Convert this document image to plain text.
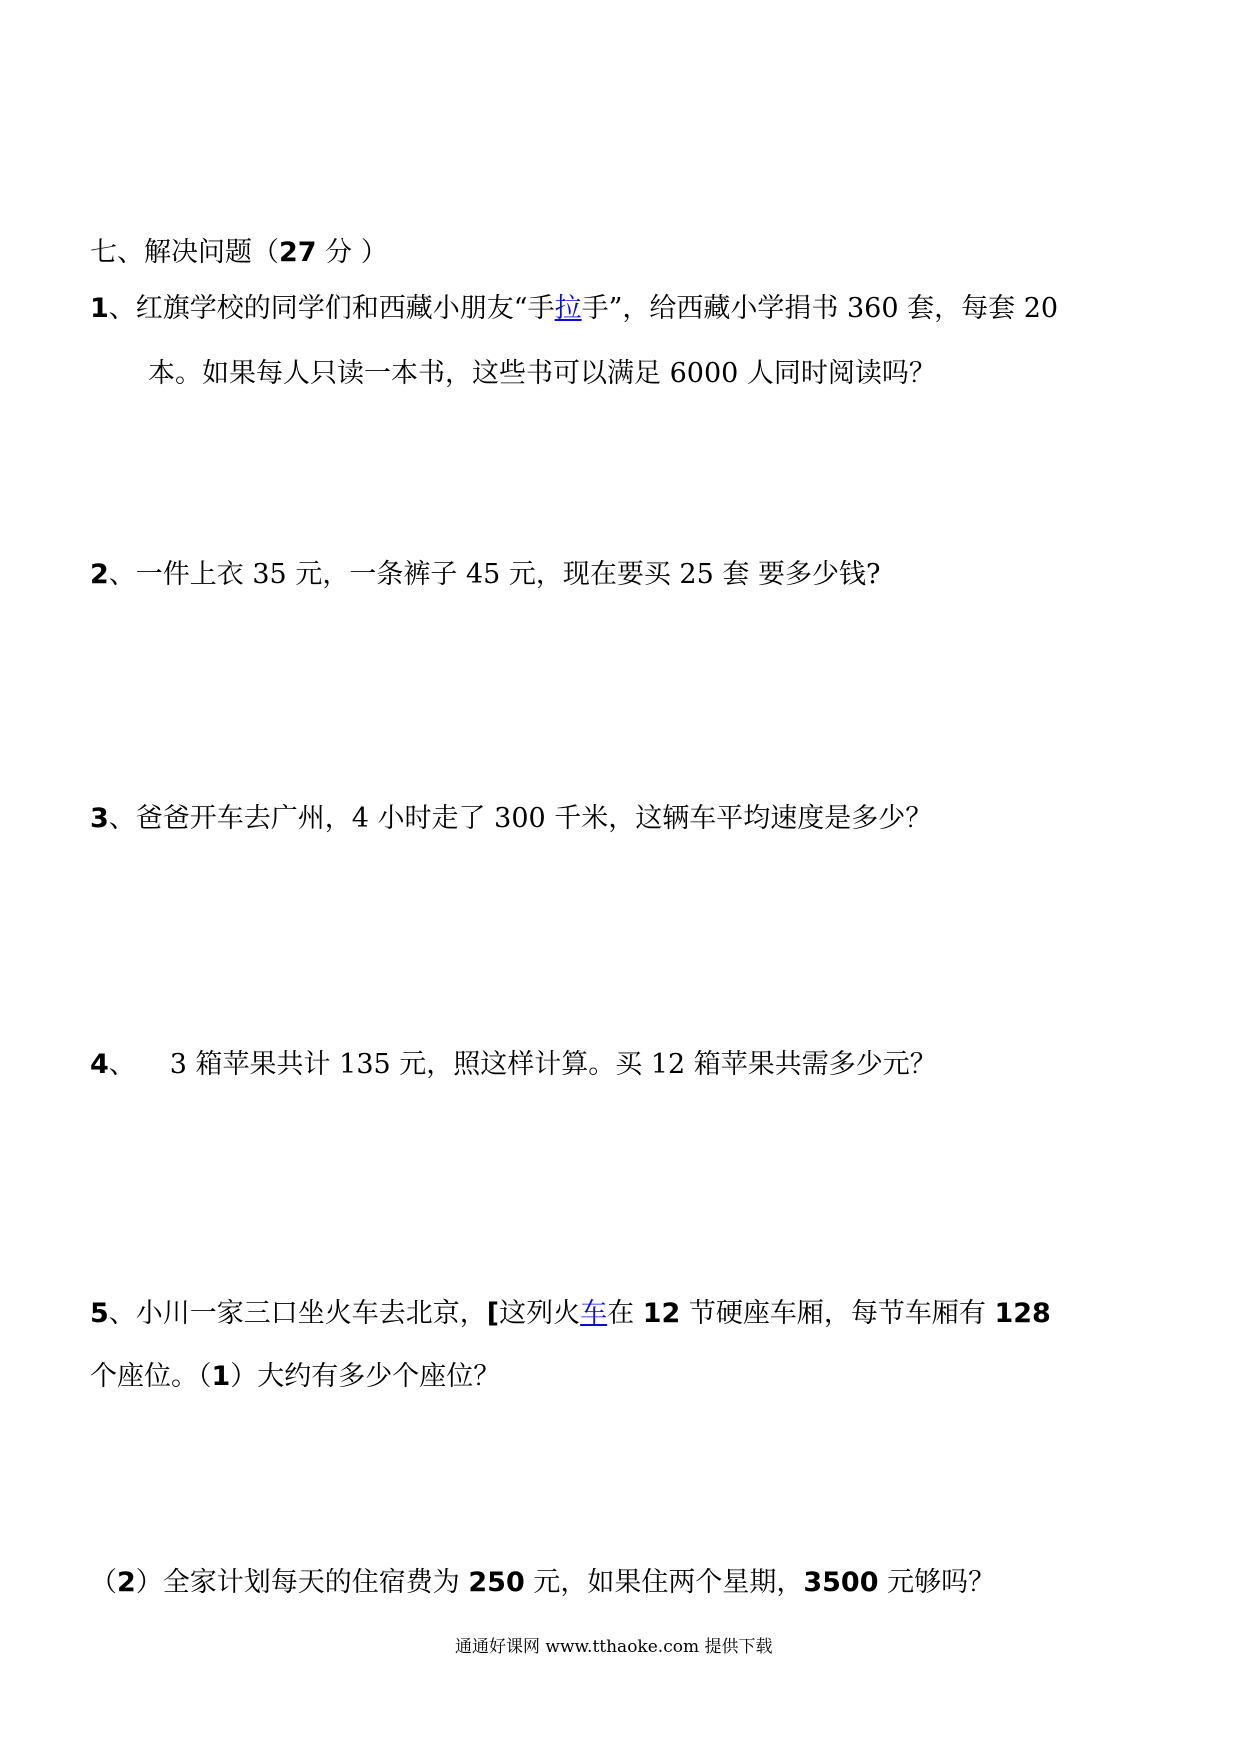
七、解决问题（27 分 ）
1、红旗学校的同学们和西藏小朋友“手拉手”，给西藏小学捐书 360 套，每套 20
本。如果每人只读一本书，这些书可以满足 6000 人同时阅读吗？
2、一件上衣 35 元，一条裤子 45 元，现在要买 25 套 要多少钱?
3、爸爸开车去广州，4 小时走了 300 千米，这辆车平均速度是多少？
4、 3 箱苹果共计 135 元，照这样计算。买 12 箱苹果共需多少元？
5、小川一家三口坐火车去北京，[这列火车在 12 节硬座车厢，每节车厢有 128
个座位。（1）大约有多少个座位？
（2）全家计划每天的住宿费为 250 元，如果住两个星期，3500 元够吗？
通通好课网 www.tthaoke.com 提供下载
